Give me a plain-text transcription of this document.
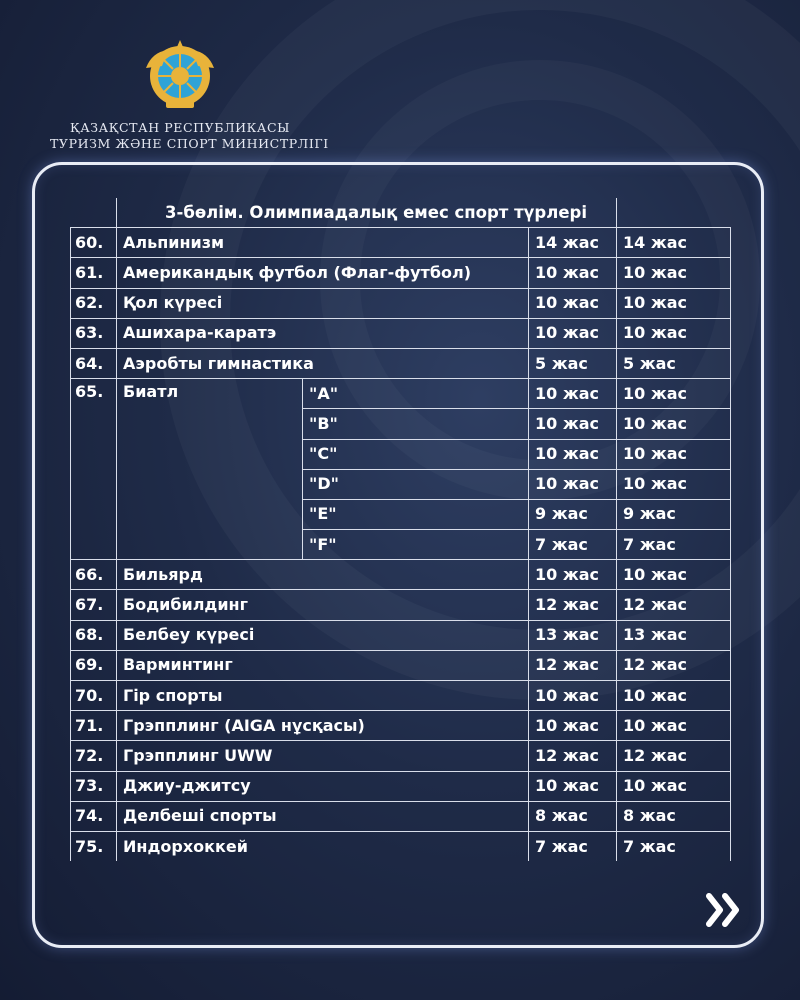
ҚАЗАҚСТАН РЕСПУБЛИКАСЫ
ТУРИЗМ ЖӘНЕ СПОРТ МИНИСТРЛІГІ
	3-бөлім. Олимпиадалық емес спорт түрлері			
60.	Альпинизм		14 жас	14 жас
61.	Американдық футбол (Флаг-футбол)		10 жас	10 жас
62.	Қол күресі		10 жас	10 жас
63.	Ашихара-каратэ		10 жас	10 жас
64.	Аэробты гимнастика		5 жас	5 жас
65.	Биатл	"А"	10 жас	10 жас
		"В"	10 жас	10 жас
		"С"	10 жас	10 жас
		"D"	10 жас	10 жас
		"E"	9 жас	9 жас
		"F"	7 жас	7 жас
66.	Бильярд		10 жас	10 жас
67.	Бодибилдинг		12 жас	12 жас
68.	Белбеу күресі		13 жас	13 жас
69.	Варминтинг		12 жас	12 жас
70.	Гір спорты		10 жас	10 жас
71.	Грэпплинг (AIGA нұсқасы)		10 жас	10 жас
72.	Грэпплинг UWW		12 жас	12 жас
73.	Джиу-джитсу		10 жас	10 жас
74.	Делбеші спорты		8 жас	8 жас
75.	Индорхоккей		7 жас	7 жас
